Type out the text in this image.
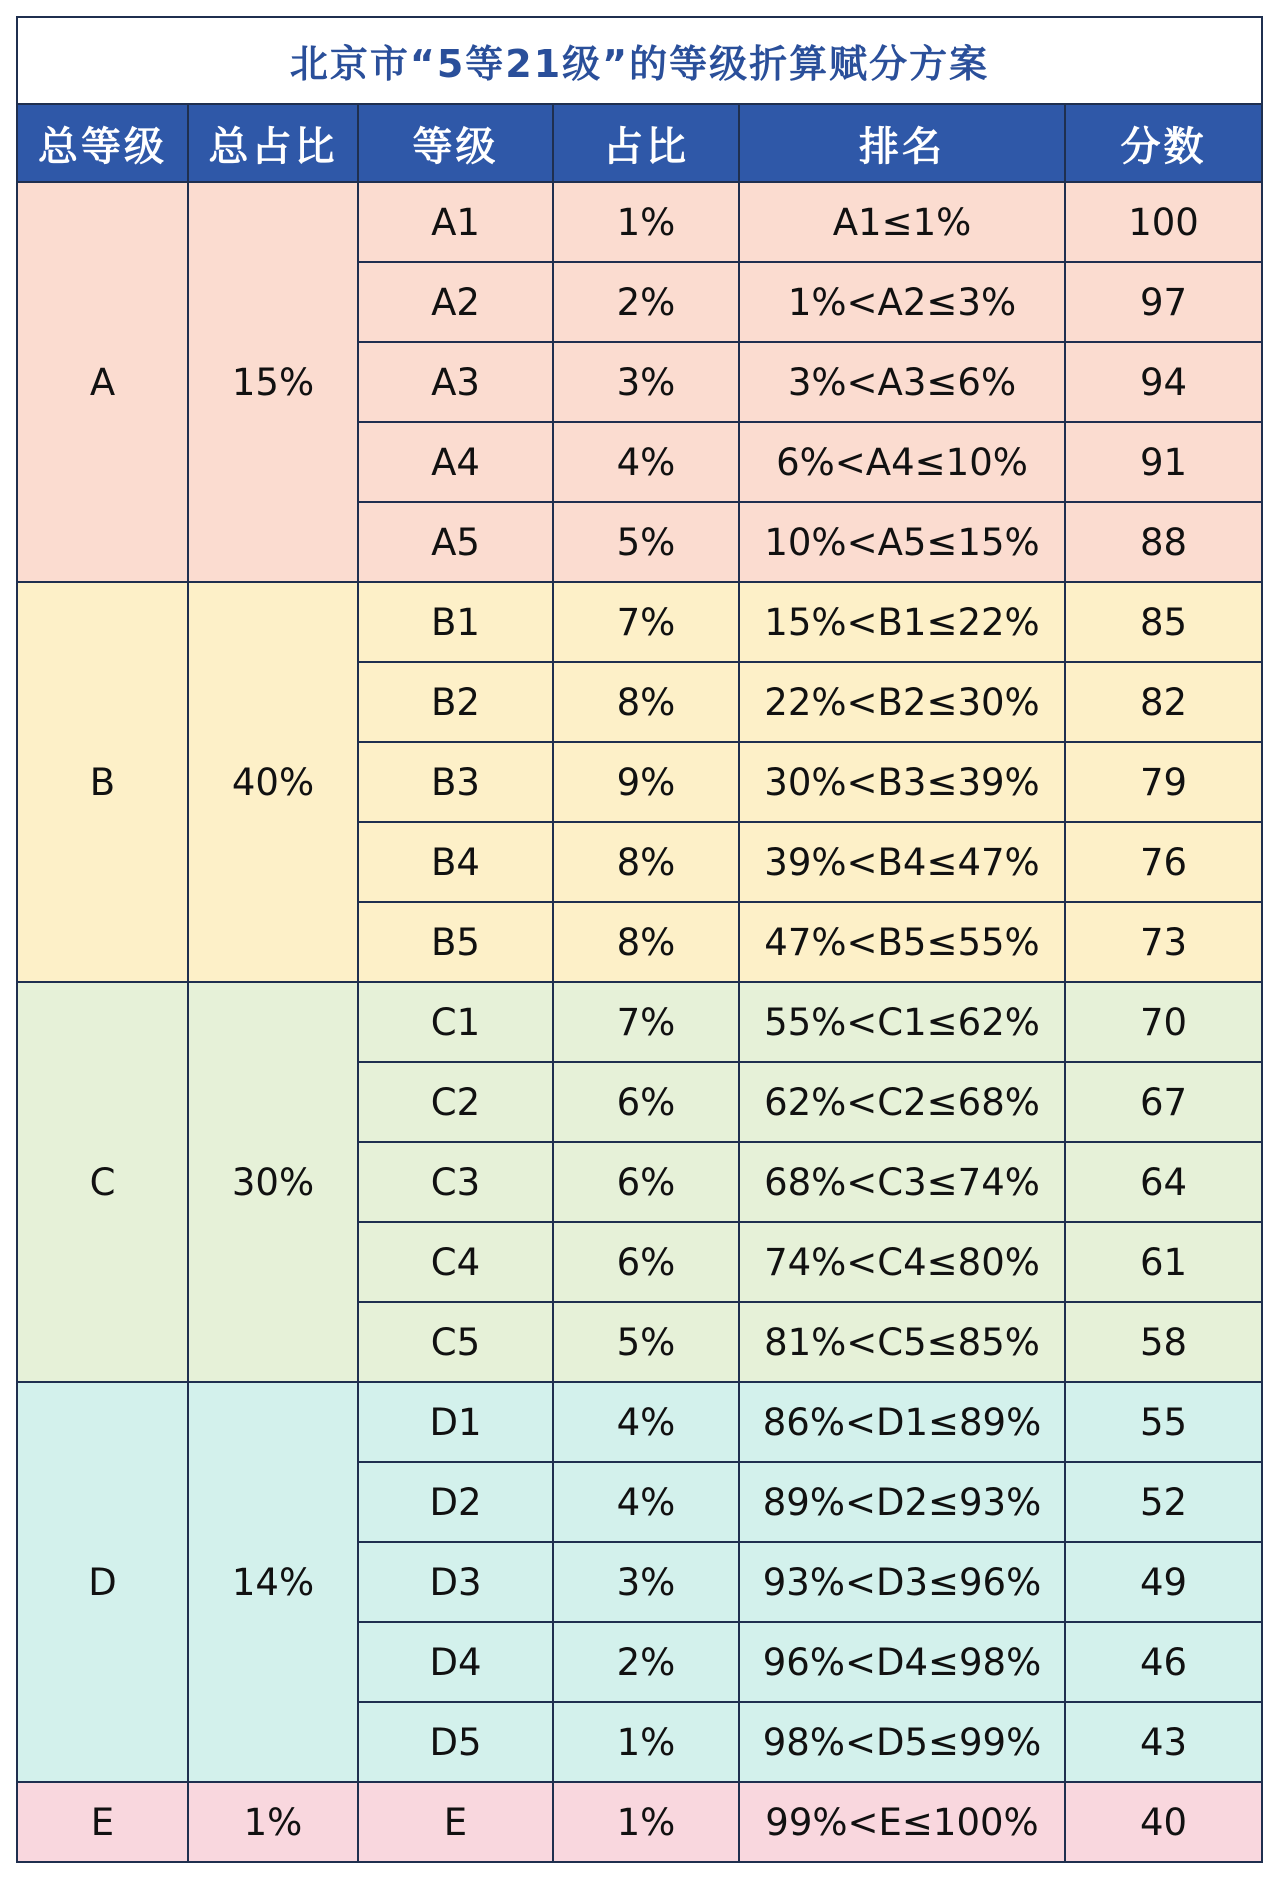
北京市“5等21级”的等级折算赋分方案					
总等级	总占比	等级	占比	排名	分数
A	15%	A1	1%	A1≤1%	100
		A2	2%	1%<A2≤3%	97
		A3	3%	3%<A3≤6%	94
		A4	4%	6%<A4≤10%	91
		A5	5%	10%<A5≤15%	88
B	40%	B1	7%	15%<B1≤22%	85
		B2	8%	22%<B2≤30%	82
		B3	9%	30%<B3≤39%	79
		B4	8%	39%<B4≤47%	76
		B5	8%	47%<B5≤55%	73
C	30%	C1	7%	55%<C1≤62%	70
		C2	6%	62%<C2≤68%	67
		C3	6%	68%<C3≤74%	64
		C4	6%	74%<C4≤80%	61
		C5	5%	81%<C5≤85%	58
D	14%	D1	4%	86%<D1≤89%	55
		D2	4%	89%<D2≤93%	52
		D3	3%	93%<D3≤96%	49
		D4	2%	96%<D4≤98%	46
		D5	1%	98%<D5≤99%	43
E	1%	E	1%	99%<E≤100%	40
